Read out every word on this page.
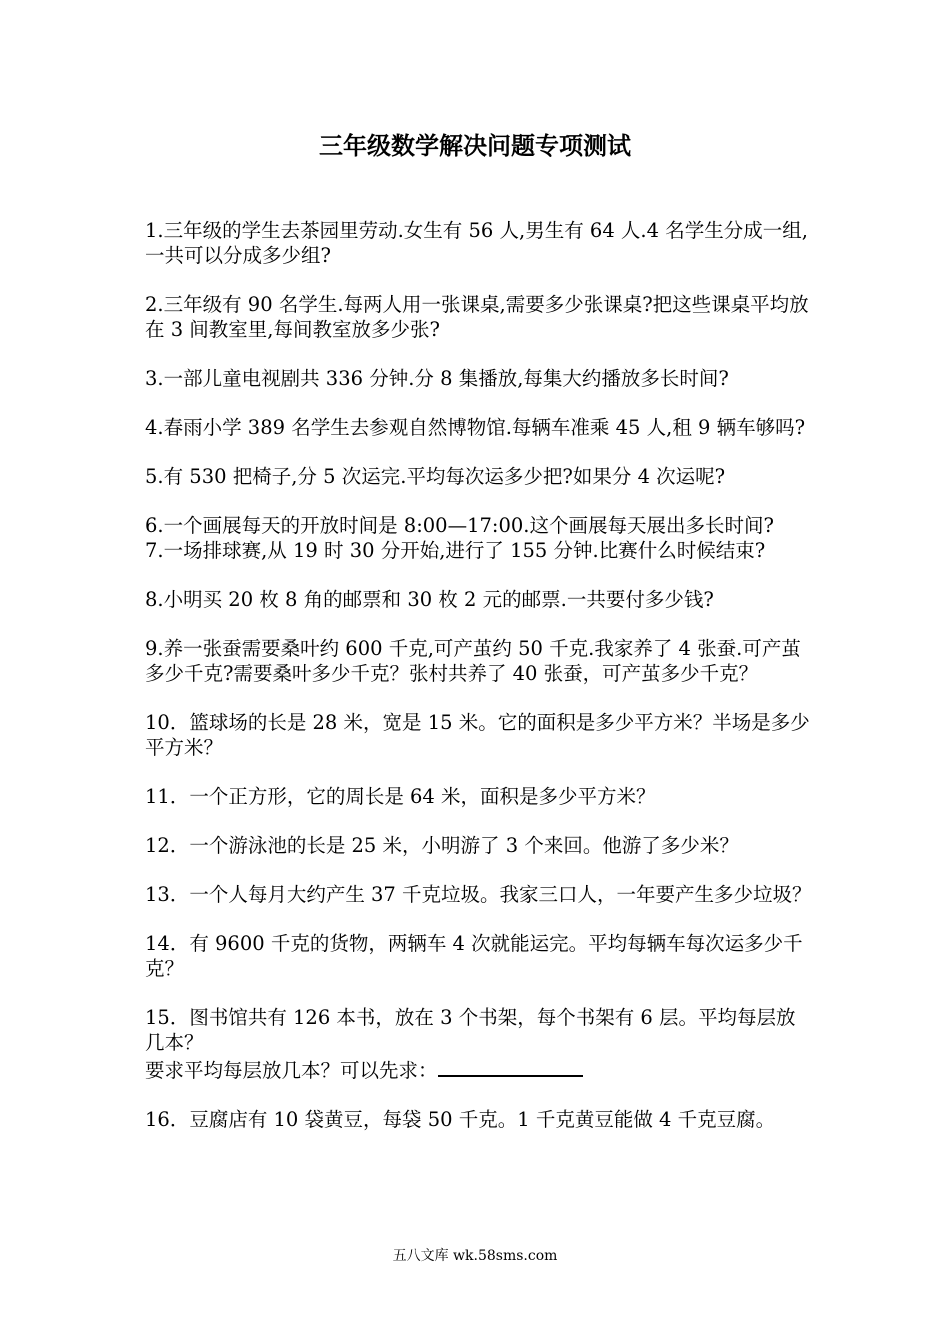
三年级数学解决问题专项测试

1.三年级的学生去茶园里劳动.女生有 56 人,男生有 64 人.4 名学生分成一组,一共可以分成多少组?

2.三年级有 90 名学生.每两人用一张课桌,需要多少张课桌?把这些课桌平均放在 3 间教室里,每间教室放多少张?

3.一部儿童电视剧共 336 分钟.分 8 集播放,每集大约播放多长时间?

4.春雨小学 389 名学生去参观自然博物馆.每辆车准乘 45 人,租 9 辆车够吗?

5.有 530 把椅子,分 5 次运完.平均每次运多少把?如果分 4 次运呢?

6.一个画展每天的开放时间是 8:00—17:00.这个画展每天展出多长时间?

7.一场排球赛,从 19 时 30 分开始,进行了 155 分钟.比赛什么时候结束?

8.小明买 20 枚 8 角的邮票和 30 枚 2 元的邮票.一共要付多少钱?

9.养一张蚕需要桑叶约 600 千克,可产茧约 50 千克.我家养了 4 张蚕.可产茧多少千克?需要桑叶多少千克？张村共养了 40 张蚕，可产茧多少千克？

10．篮球场的长是 28 米，宽是 15 米。它的面积是多少平方米？半场是多少平方米？

11．一个正方形，它的周长是 64 米，面积是多少平方米？

12．一个游泳池的长是 25 米，小明游了 3 个来回。他游了多少米？

13．一个人每月大约产生 37 千克垃圾。我家三口人，一年要产生多少垃圾？

14．有 9600 千克的货物，两辆车 4 次就能运完。平均每辆车每次运多少千克？

15．图书馆共有 126 本书，放在 3 个书架，每个书架有 6 层。平均每层放几本？

要求平均每层放几本？可以先求：

16．豆腐店有 10 袋黄豆，每袋 50 千克。1 千克黄豆能做 4 千克豆腐。

五八文库 wk.58sms.com
